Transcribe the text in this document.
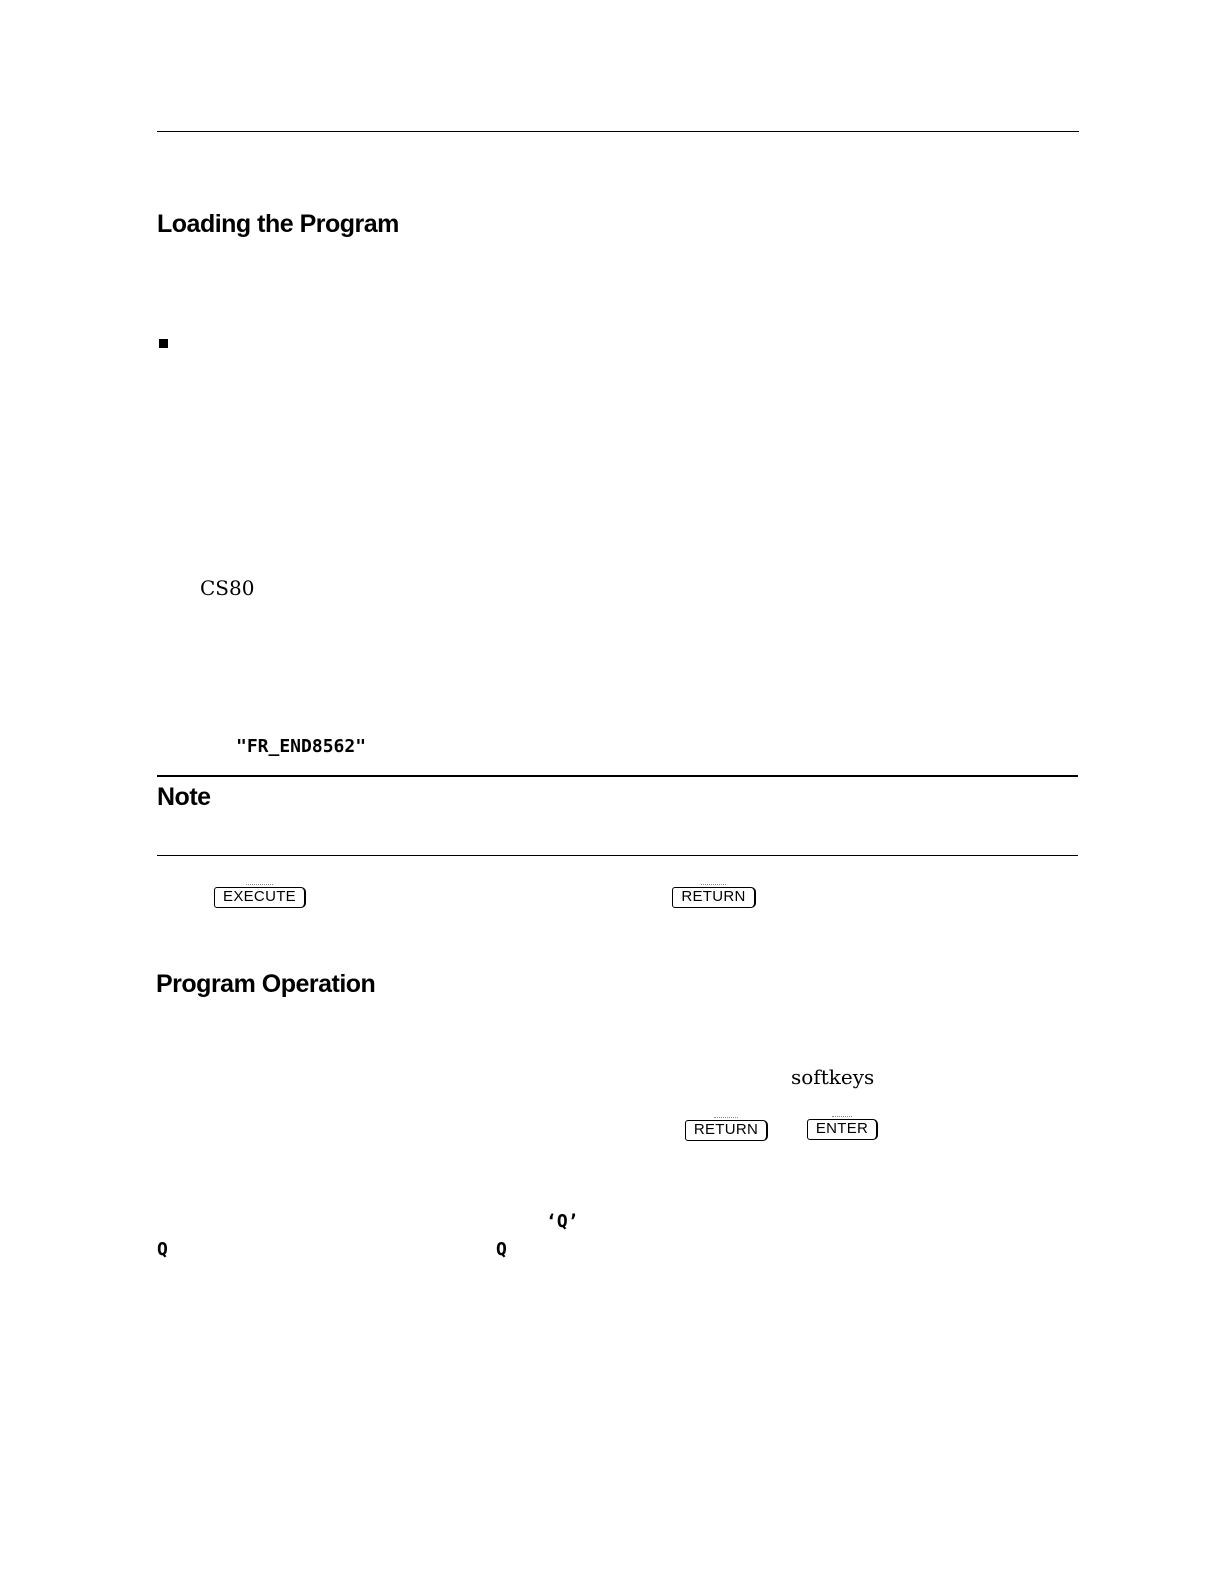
Loading the Program
CS80
"FR_END8562"
Note
EXECUTE	RETURN
Program Operation
softkeys
RETURN	ENTER
‘Q’
Q	Q
